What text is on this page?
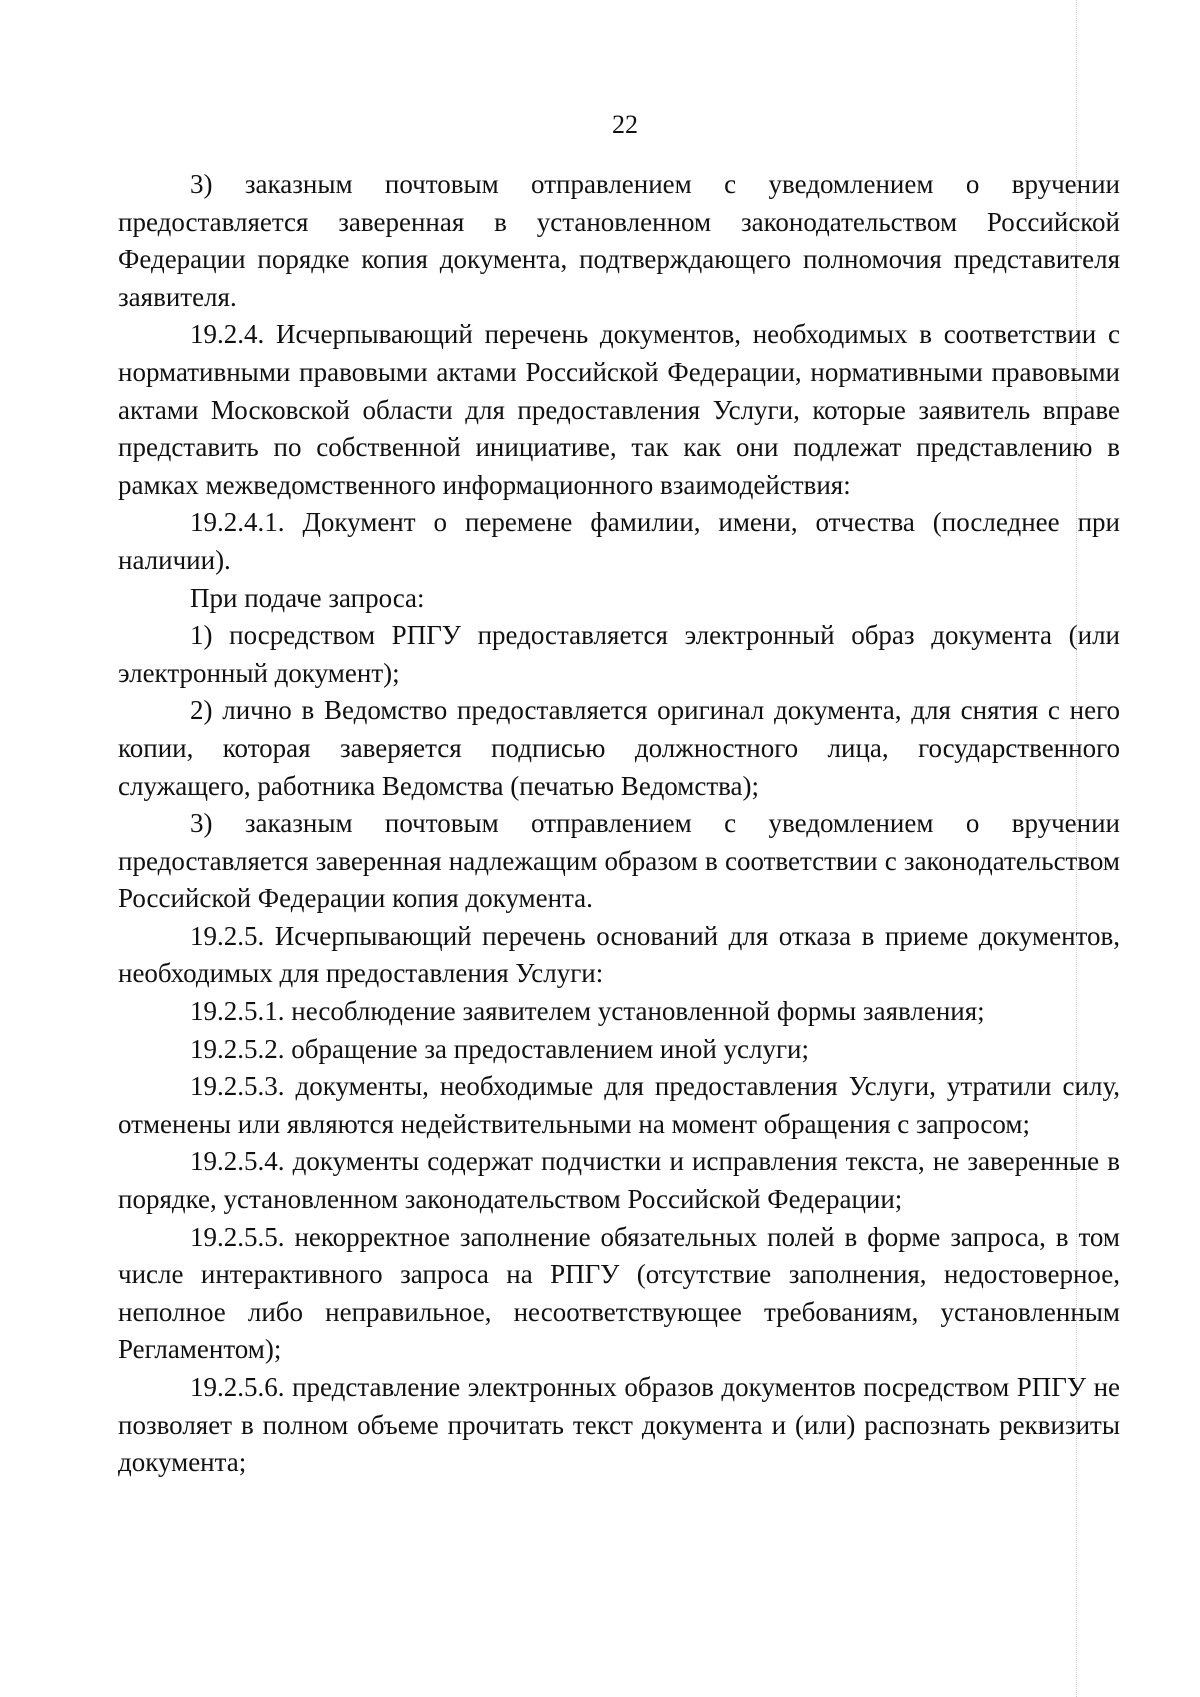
22

3) заказным почтовым отправлением с уведомлением о вручении предоставляется заверенная в установленном законодательством Российской Федерации порядке копия документа, подтверждающего полномочия представителя заявителя.

19.2.4. Исчерпывающий перечень документов, необходимых в соответствии с нормативными правовыми актами Российской Федерации, нормативными правовыми актами Московской области для предоставления Услуги, которые заявитель вправе представить по собственной инициативе, так как они подлежат представлению в рамках межведомственного информационного взаимодействия:

19.2.4.1. Документ о перемене фамилии, имени, отчества (последнее при наличии).

При подаче запроса:

1) посредством РПГУ предоставляется электронный образ документа (или электронный документ);

2) лично в Ведомство предоставляется оригинал документа, для снятия с него копии, которая заверяется подписью должностного лица, государственного служащего, работника Ведомства (печатью Ведомства);

3) заказным почтовым отправлением с уведомлением о вручении предоставляется заверенная надлежащим образом в соответствии с законодательством Российской Федерации копия документа.

19.2.5. Исчерпывающий перечень оснований для отказа в приеме документов, необходимых для предоставления Услуги:

19.2.5.1. несоблюдение заявителем установленной формы заявления;

19.2.5.2. обращение за предоставлением иной услуги;

19.2.5.3. документы, необходимые для предоставления Услуги, утратили силу, отменены или являются недействительными на момент обращения с запросом;

19.2.5.4. документы содержат подчистки и исправления текста, не заверенные в порядке, установленном законодательством Российской Федерации;

19.2.5.5. некорректное заполнение обязательных полей в форме запроса, в том числе интерактивного запроса на РПГУ (отсутствие заполнения, недостоверное, неполное либо неправильное, несоответствующее требованиям, установленным Регламентом);

19.2.5.6. представление электронных образов документов посредством РПГУ не позволяет в полном объеме прочитать текст документа и (или) распознать реквизиты документа;
